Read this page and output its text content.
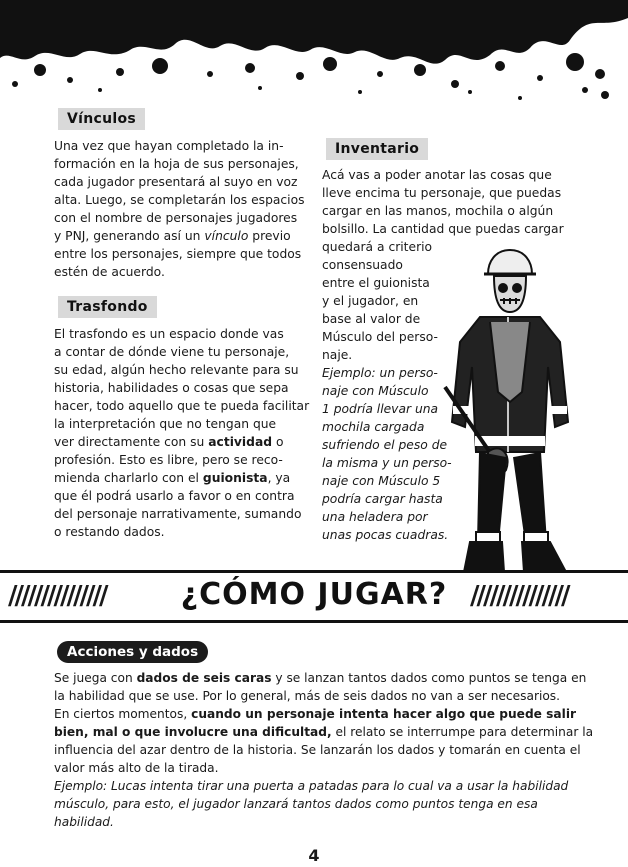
Vínculos

Una vez que hayan completado la in-

formación en la hoja de sus personajes,

cada jugador presentará al suyo en voz

alta. Luego, se completarán los espacios

con el nombre de personajes jugadores

y PNJ, generando así un vínculo previo

entre los personajes, siempre que todos

estén de acuerdo.

Trasfondo

El trasfondo es un espacio donde vas

a contar de dónde viene tu personaje,

su edad, algún hecho relevante para su

historia, habilidades o cosas que sepa

hacer, todo aquello que te pueda facilitar

la interpretación que no tengan que

ver directamente con su actividad o

profesión. Esto es libre, pero se reco-

mienda charlarlo con el guionista, ya

que él podrá usarlo a favor o en contra

del personaje narrativamente, sumando

o restando dados.

Inventario

Acá vas a poder anotar las cosas que

lleve encima tu personaje, que puedas

cargar en las manos, mochila o algún

bolsillo. La cantidad que puedas cargar

quedará a criterio

consensuado

entre el guionista

y el jugador, en

base al valor de

Músculo del perso-

naje.

Ejemplo: un perso-

naje con Músculo

1 podría llevar una

mochila cargada

sufriendo el peso de

la misma y un perso-

naje con Músculo 5

podría cargar hasta

una heladera por

unas pocas cuadras.

///////////////	¿CÓMO JUGAR? ///////////////
Acciones y dados

Se juega con dados de seis caras y se lanzan tantos dados como puntos se tenga en la habilidad que se use. Por lo general, más de seis dados no van a ser necesarios.

En ciertos momentos, cuando un personaje intenta hacer algo que puede salir bien, mal o que involucre una dificultad, el relato se interrumpe para determinar la influencia del azar dentro de la historia. Se lanzarán los dados y tomarán en cuenta el valor más alto de la tirada.

Ejemplo: Lucas intenta tirar una puerta a patadas para lo cual va a usar la habilidad músculo, para esto, el jugador lanzará tantos dados como puntos tenga en esa habilidad.

4
